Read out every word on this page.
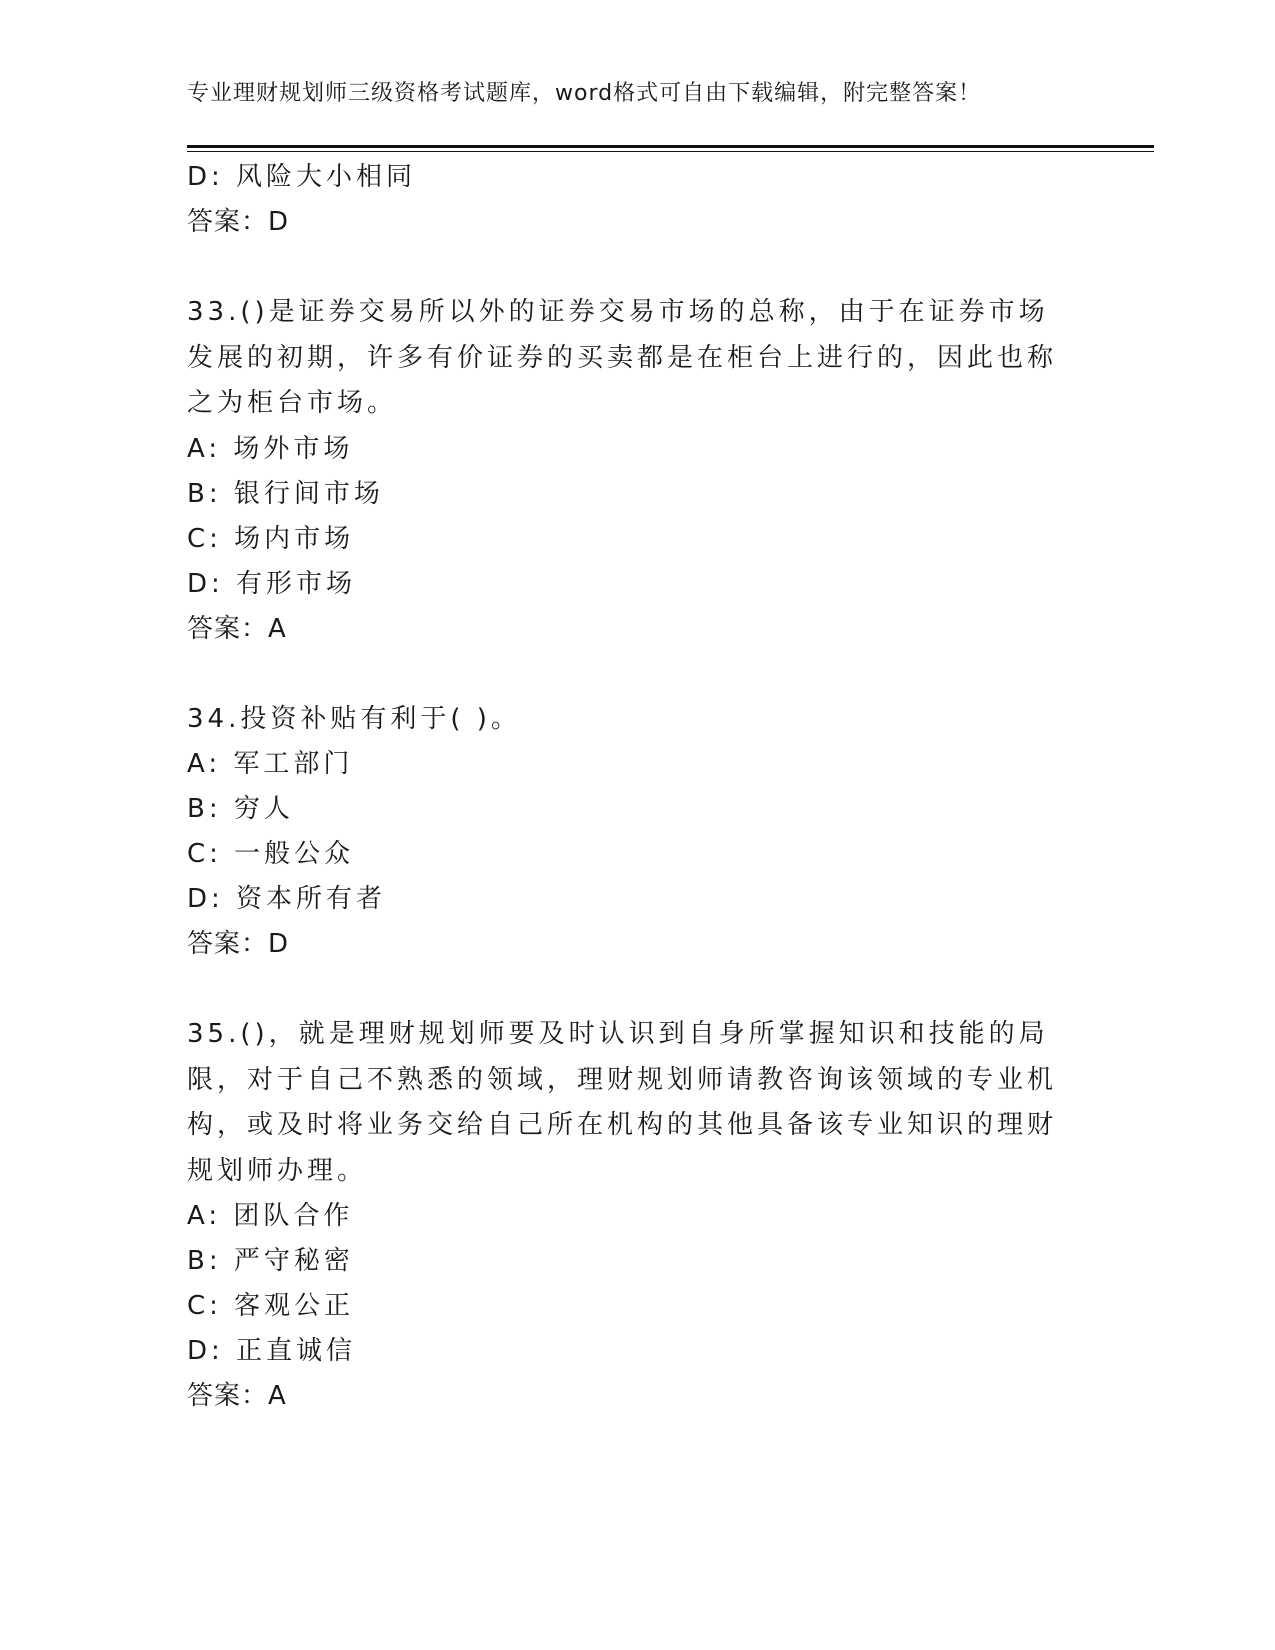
专业理财规划师三级资格考试题库，word格式可自由下载编辑，附完整答案！
D: 风险大小相同
答案：D
33.()是证券交易所以外的证券交易市场的总称，由于在证券市场发展的初期，许多有价证券的买卖都是在柜台上进行的，因此也称之为柜台市场。
A: 场外市场
B: 银行间市场
C: 场内市场
D: 有形市场
答案：A
34.投资补贴有利于( )。
A: 军工部门
B: 穷人
C: 一般公众
D: 资本所有者
答案：D
35.()，就是理财规划师要及时认识到自身所掌握知识和技能的局限，对于自己不熟悉的领域，理财规划师请教咨询该领域的专业机构，或及时将业务交给自己所在机构的其他具备该专业知识的理财规划师办理。
A: 团队合作
B: 严守秘密
C: 客观公正
D: 正直诚信
答案：A
